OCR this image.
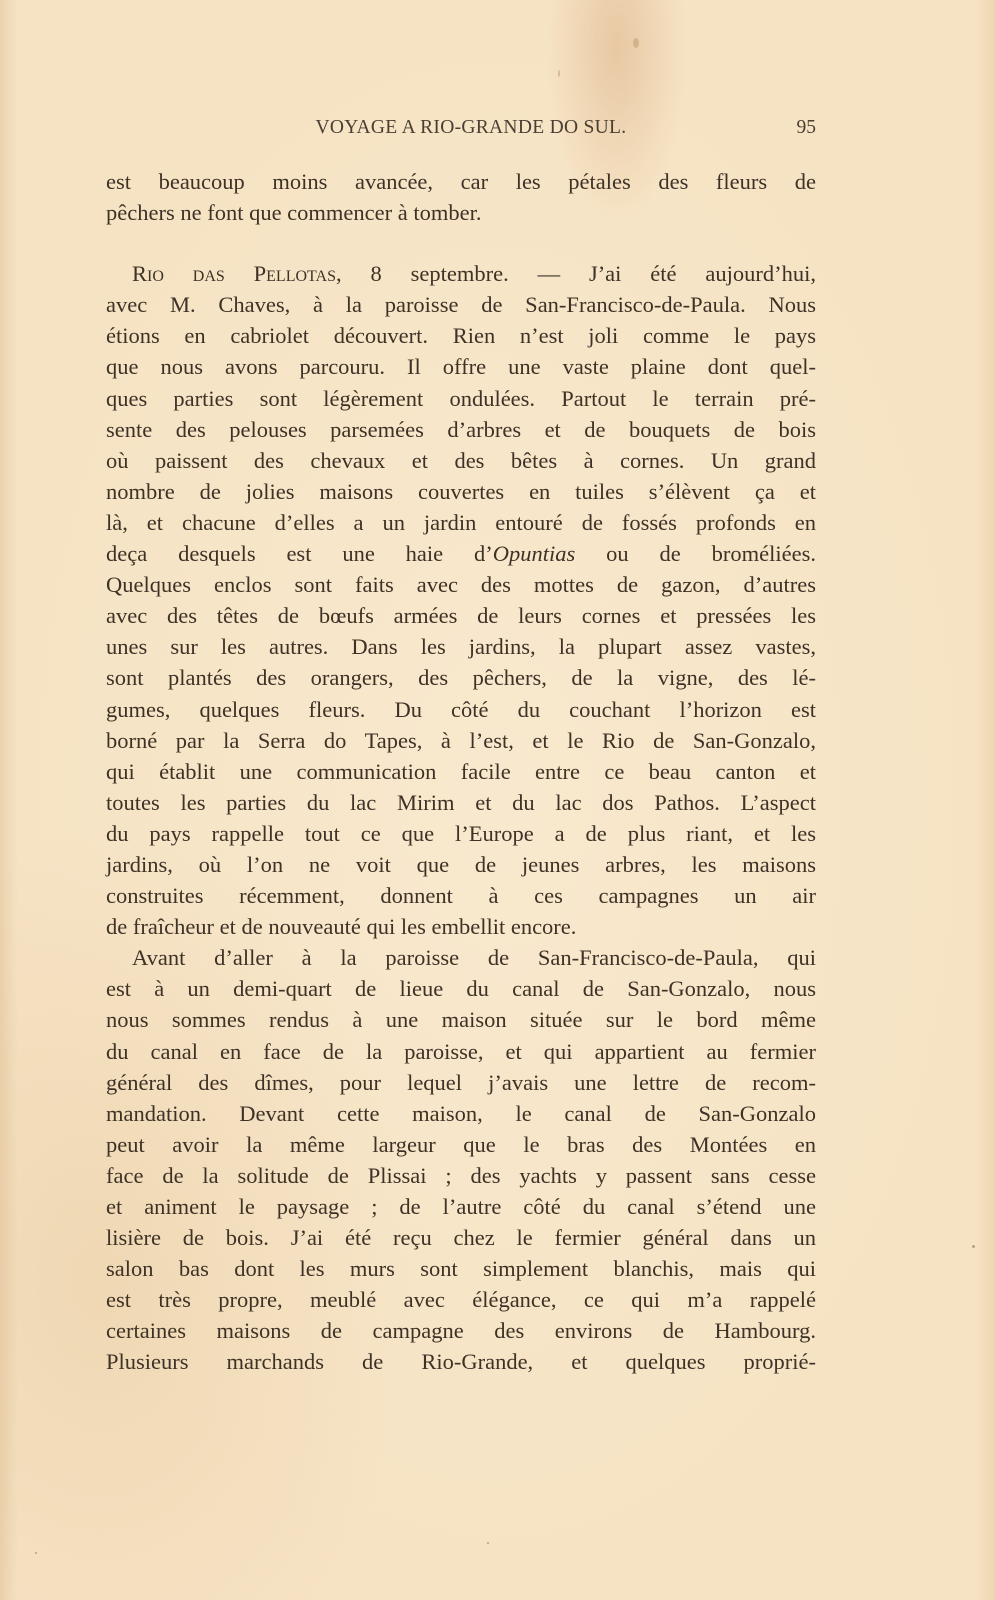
VOYAGE A RIO-GRANDE DO SUL.	95
est beaucoup moins avancée, car les pétales des fleurs de
pêchers ne font que commencer à tomber.
Rio das Pellotas, 8 septembre. — J’ai été aujourd’hui,
avec M. Chaves, à la paroisse de San-Francisco-de-Paula. Nous
étions en cabriolet découvert. Rien n’est joli comme le pays
que nous avons parcouru. Il offre une vaste plaine dont quel-
ques parties sont légèrement ondulées. Partout le terrain pré-
sente des pelouses parsemées d’arbres et de bouquets de bois
où paissent des chevaux et des bêtes à cornes. Un grand
nombre de jolies maisons couvertes en tuiles s’élèvent ça et
là, et chacune d’elles a un jardin entouré de fossés profonds en
deça desquels est une haie d’Opuntias ou de broméliées.
Quelques enclos sont faits avec des mottes de gazon, d’autres
avec des têtes de bœufs armées de leurs cornes et pressées les
unes sur les autres. Dans les jardins, la plupart assez vastes,
sont plantés des orangers, des pêchers, de la vigne, des lé-
gumes, quelques fleurs. Du côté du couchant l’horizon est
borné par la Serra do Tapes, à l’est, et le Rio de San-Gonzalo,
qui établit une communication facile entre ce beau canton et
toutes les parties du lac Mirim et du lac dos Pathos. L’aspect
du pays rappelle tout ce que l’Europe a de plus riant, et les
jardins, où l’on ne voit que de jeunes arbres, les maisons
construites récemment, donnent à ces campagnes un air
de fraîcheur et de nouveauté qui les embellit encore.
Avant d’aller à la paroisse de San-Francisco-de-Paula, qui
est à un demi-quart de lieue du canal de San-Gonzalo, nous
nous sommes rendus à une maison située sur le bord même
du canal en face de la paroisse, et qui appartient au fermier
général des dîmes, pour lequel j’avais une lettre de recom-
mandation. Devant cette maison, le canal de San-Gonzalo
peut avoir la même largeur que le bras des Montées en
face de la solitude de Plissai ; des yachts y passent sans cesse
et animent le paysage ; de l’autre côté du canal s’étend une
lisière de bois. J’ai été reçu chez le fermier général dans un
salon bas dont les murs sont simplement blanchis, mais qui
est très propre, meublé avec élégance, ce qui m’a rappelé
certaines maisons de campagne des environs de Hambourg.
Plusieurs marchands de Rio-Grande, et quelques proprié-
